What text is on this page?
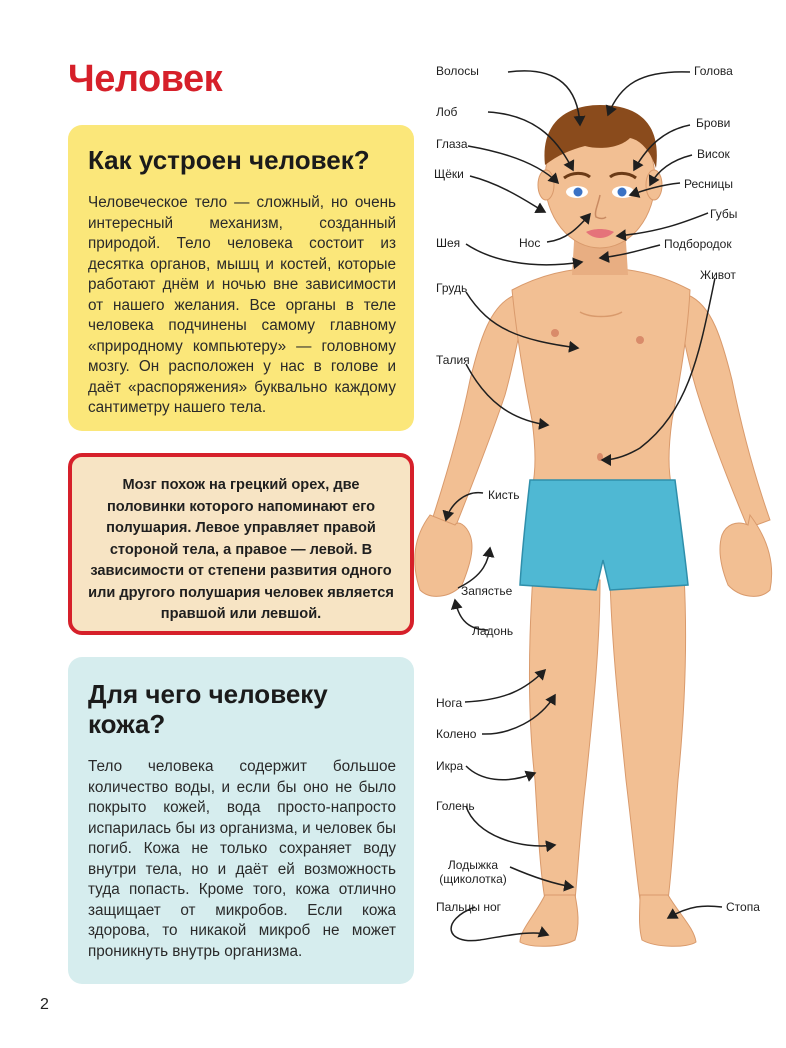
Человек
Как устроен человек?

Человеческое тело — сложный, но очень интересный механизм, созданный природой. Тело человека состоит из десятка органов, мышц и костей, которые работают днём и ночью вне зависимости от нашего желания. Все органы в теле человека подчинены самому главному «природному компьютеру» — головному мозгу. Он расположен у нас в голове и даёт «распоряжения» буквально каждому сантиметру нашего тела.

Мозг похож на грецкий орех, две половинки которого напоминают его полушария. Левое управляет правой стороной тела, а правое — левой. В зависимости от степени развития одного или другого полушария человек является правшой или левшой.

Для чего человеку кожа?

Тело человека содержит большое количество воды, и если бы оно не было покрыто кожей, вода просто-напросто испарилась бы из организма, и человек бы погиб. Кожа не только сохраняет воду внутри тела, но и даёт ей возможность туда попасть. Кроме того, кожа отлично защищает от микробов. Если кожа здорова, то никакой микроб не может проникнуть внутрь организма.

2
Волосы	Голова
Лоб
Брови
Глаза
Висок
Щёки
Ресницы
Губы
Шея	Нос	Подбородок
Живот
Грудь
Талия
Кисть
Запястье
Ладонь
Нога
Колено
Икра
Голень
Лодыжка
(щиколотка)
Пальцы ног	Стопа
